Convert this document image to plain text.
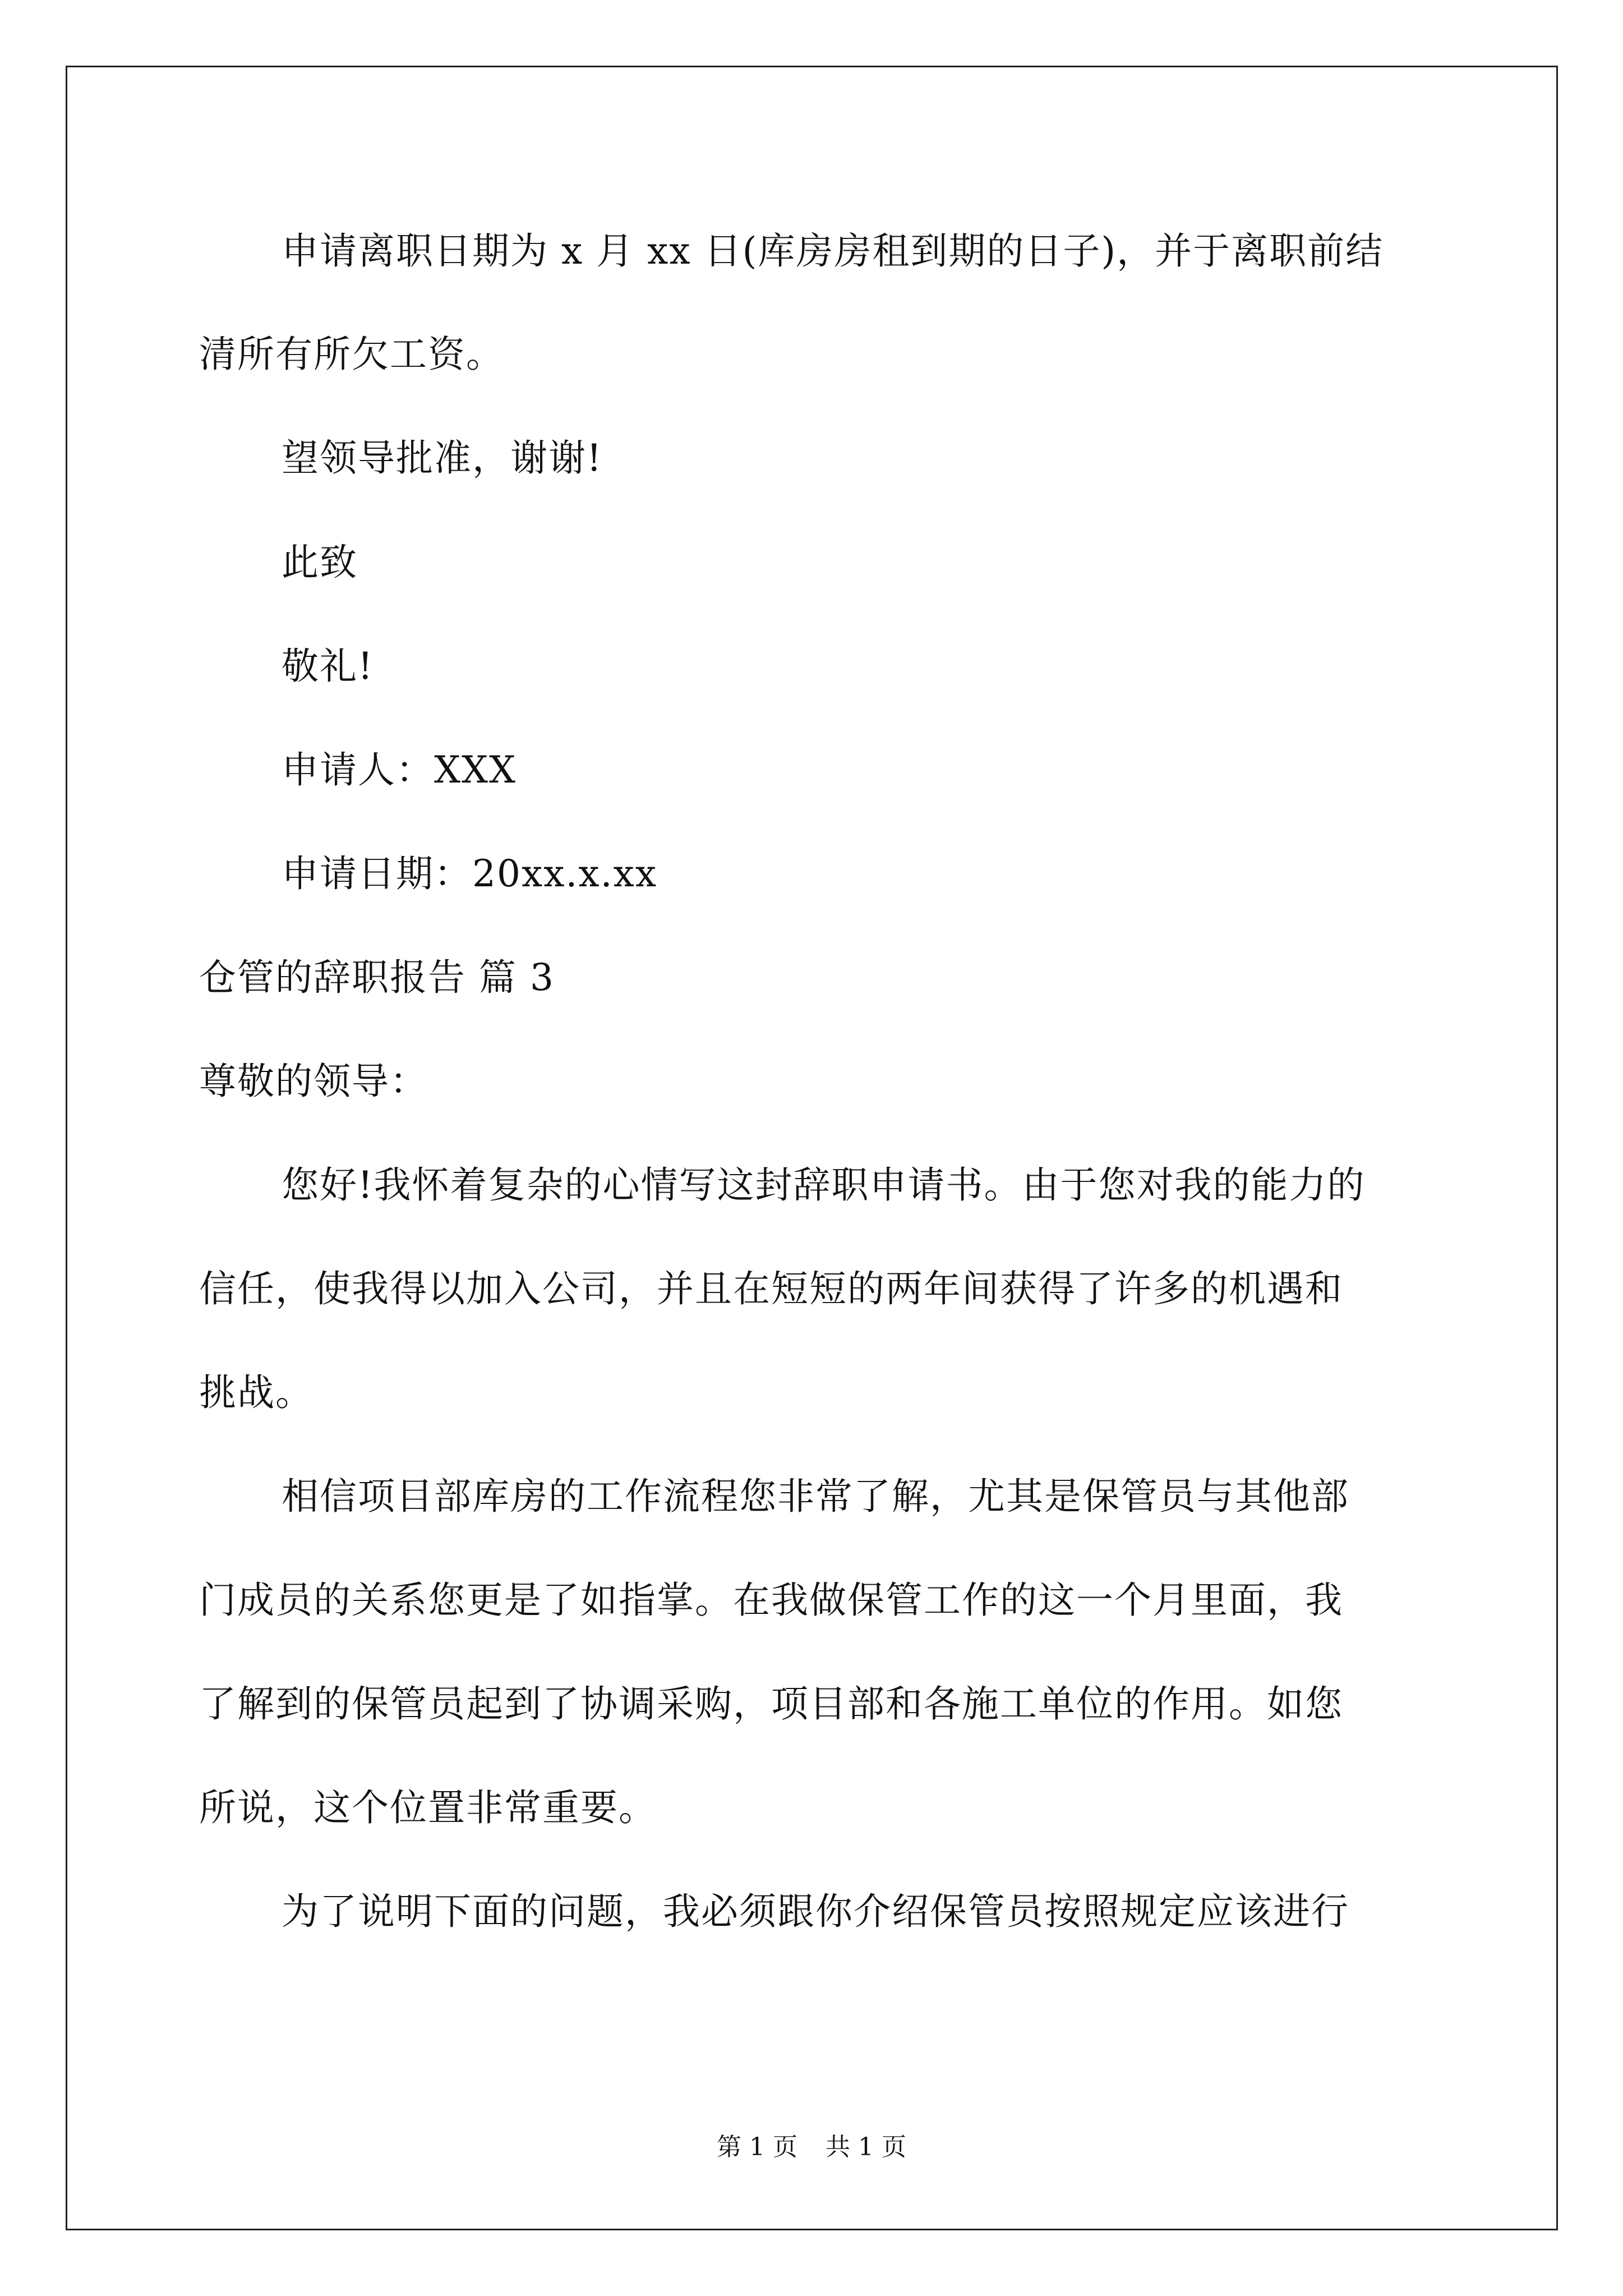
申请离职日期为 x 月 xx 日(库房房租到期的日子)，并于离职前结
清所有所欠工资。
望领导批准，谢谢!
此致
敬礼!
申请人：XXX
申请日期：20xx.x.xx
仓管的辞职报告 篇 3
尊敬的领导：
您好!我怀着复杂的心情写这封辞职申请书。由于您对我的能力的
信任，使我得以加入公司，并且在短短的两年间获得了许多的机遇和
挑战。
相信项目部库房的工作流程您非常了解，尤其是保管员与其他部
门成员的关系您更是了如指掌。在我做保管工作的这一个月里面，我
了解到的保管员起到了协调采购，项目部和各施工单位的作用。如您
所说，这个位置非常重要。
为了说明下面的问题，我必须跟你介绍保管员按照规定应该进行
第 1 页 共 1 页
